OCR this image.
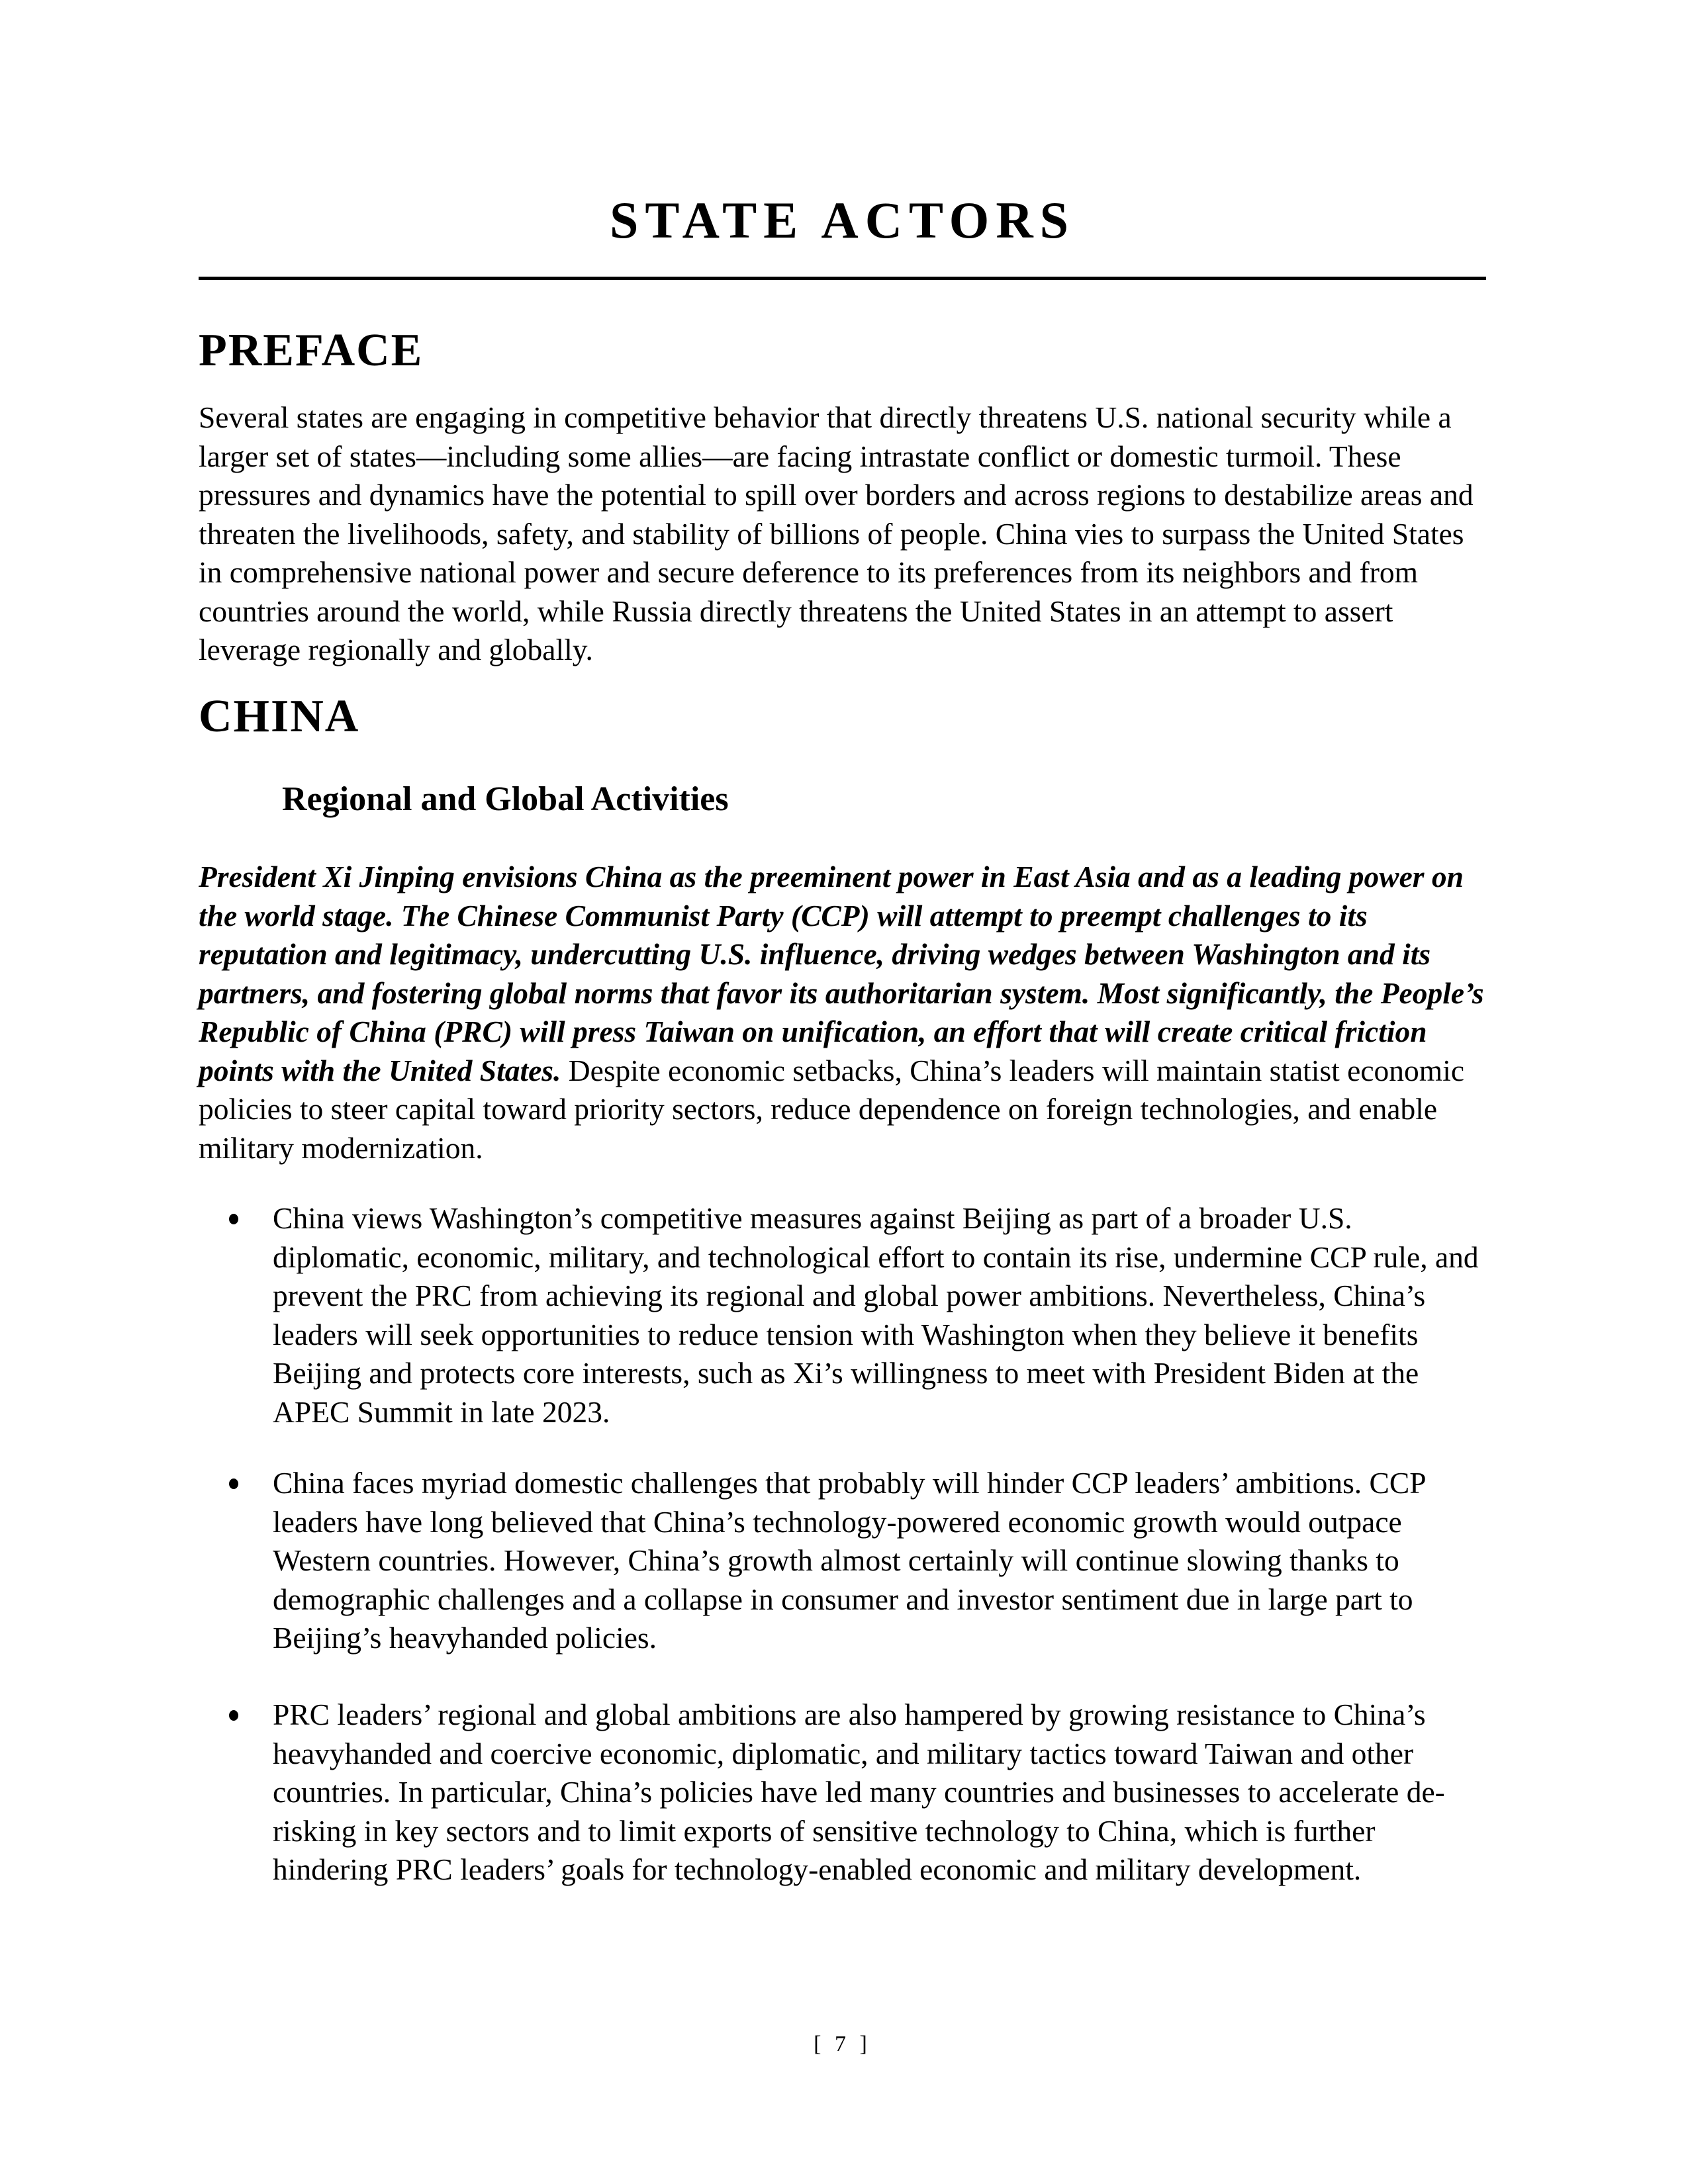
STATE ACTORS
PREFACE

Several states are engaging in competitive behavior that directly threatens U.S. national security while a larger set of states—including some allies—are facing intrastate conflict or domestic turmoil. These pressures and dynamics have the potential to spill over borders and across regions to destabilize areas and threaten the livelihoods, safety, and stability of billions of people. China vies to surpass the United States in comprehensive national power and secure deference to its preferences from its neighbors and from countries around the world, while Russia directly threatens the United States in an attempt to assert leverage regionally and globally.

CHINA
Regional and Global Activities

President Xi Jinping envisions China as the preeminent power in East Asia and as a leading power on the world stage. The Chinese Communist Party (CCP) will attempt to preempt challenges to its reputation and legitimacy, undercutting U.S. influence, driving wedges between Washington and its partners, and fostering global norms that favor its authoritarian system. Most significantly, the People’s Republic of China (PRC) will press Taiwan on unification, an effort that will create critical friction points with the United States. Despite economic setbacks, China’s leaders will maintain statist economic policies to steer capital toward priority sectors, reduce dependence on foreign technologies, and enable military modernization.

China views Washington’s competitive measures against Beijing as part of a broader U.S. diplomatic, economic, military, and technological effort to contain its rise, undermine CCP rule, and prevent the PRC from achieving its regional and global power ambitions. Nevertheless, China’s leaders will seek opportunities to reduce tension with Washington when they believe it benefits Beijing and protects core interests, such as Xi’s willingness to meet with President Biden at the APEC Summit in late 2023.
China faces myriad domestic challenges that probably will hinder CCP leaders’ ambitions. CCP leaders have long believed that China’s technology-powered economic growth would outpace Western countries. However, China’s growth almost certainly will continue slowing thanks to demographic challenges and a collapse in consumer and investor sentiment due in large part to Beijing’s heavyhanded policies.
PRC leaders’ regional and global ambitions are also hampered by growing resistance to China’s heavyhanded and coercive economic, diplomatic, and military tactics toward Taiwan and other countries. In particular, China’s policies have led many countries and businesses to accelerate de-risking in key sectors and to limit exports of sensitive technology to China, which is further hindering PRC leaders’ goals for technology-enabled economic and military development.
[ 7 ]
